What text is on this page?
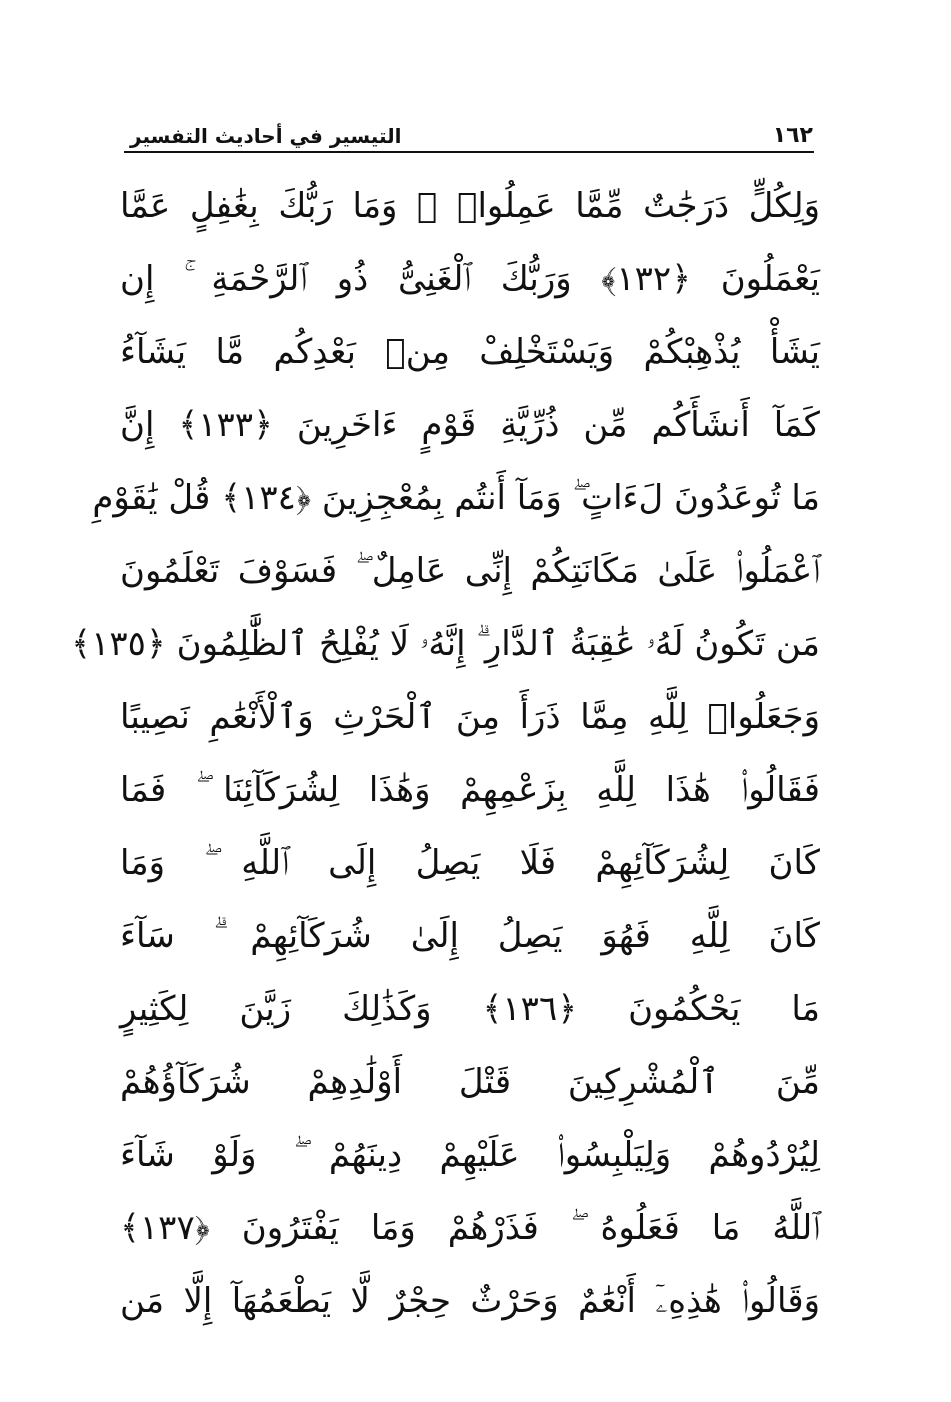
التيسير في أحاديث التفسير	١٦٢
وَلِكُلٍّ دَرَجَٰتٌ مِّمَّا عَمِلُوا۟ ۚ وَمَا رَبُّكَ بِغَٰفِلٍ عَمَّا
يَعْمَلُونَ ﴿١٣٢﴾ وَرَبُّكَ ٱلْغَنِىُّ ذُو ٱلرَّحْمَةِ ۚ إِن
يَشَأْ يُذْهِبْكُمْ وَيَسْتَخْلِفْ مِنۢ بَعْدِكُم مَّا يَشَآءُ
كَمَآ أَنشَأَكُم مِّن ذُرِّيَّةِ قَوْمٍ ءَاخَرِينَ ﴿١٣٣﴾ إِنَّ
مَا تُوعَدُونَ لَءَاتٍ ۖ وَمَآ أَنتُم بِمُعْجِزِينَ ﴿١٣٤﴾ قُلْ يَٰقَوْمِ
ٱعْمَلُوا۟ عَلَىٰ مَكَانَتِكُمْ إِنِّى عَامِلٌ ۖ فَسَوْفَ تَعْلَمُونَ
مَن تَكُونُ لَهُۥ عَٰقِبَةُ ٱلدَّارِ ۗ إِنَّهُۥ لَا يُفْلِحُ ٱلظَّٰلِمُونَ ﴿١٣٥﴾
وَجَعَلُوا۟ لِلَّهِ مِمَّا ذَرَأَ مِنَ ٱلْحَرْثِ وَٱلْأَنْعَٰمِ نَصِيبًا
فَقَالُوا۟ هَٰذَا لِلَّهِ بِزَعْمِهِمْ وَهَٰذَا لِشُرَكَآئِنَا ۖ فَمَا
كَانَ لِشُرَكَآئِهِمْ فَلَا يَصِلُ إِلَى ٱللَّهِ ۖ وَمَا
كَانَ لِلَّهِ فَهُوَ يَصِلُ إِلَىٰ شُرَكَآئِهِمْ ۗ سَآءَ
مَا يَحْكُمُونَ ﴿١٣٦﴾ وَكَذَٰلِكَ زَيَّنَ لِكَثِيرٍ
مِّنَ ٱلْمُشْرِكِينَ قَتْلَ أَوْلَٰدِهِمْ شُرَكَآؤُهُمْ
لِيُرْدُوهُمْ وَلِيَلْبِسُوا۟ عَلَيْهِمْ دِينَهُمْ ۖ وَلَوْ شَآءَ
ٱللَّهُ مَا فَعَلُوهُ ۖ فَذَرْهُمْ وَمَا يَفْتَرُونَ ﴿١٣٧﴾
وَقَالُوا۟ هَٰذِهِۦٓ أَنْعَٰمٌ وَحَرْثٌ حِجْرٌ لَّا يَطْعَمُهَآ إِلَّا مَن
